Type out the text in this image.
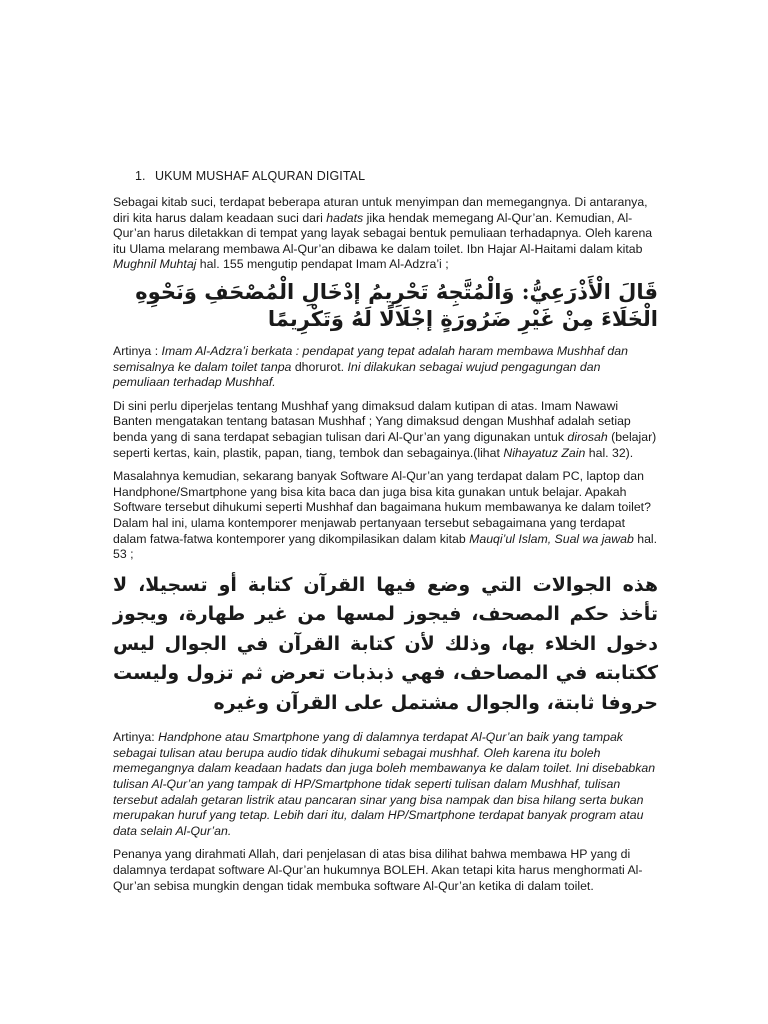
1. UKUM MUSHAF ALQURAN DIGITAL

Sebagai kitab suci, terdapat beberapa aturan untuk menyimpan dan memegangnya. Di antaranya, diri kita harus dalam keadaan suci dari hadats jika hendak memegang Al-Qur’an. Kemudian, Al-Qur’an harus diletakkan di tempat yang layak sebagai bentuk pemuliaan terhadapnya. Oleh karena itu Ulama melarang membawa Al-Qur’an dibawa ke dalam toilet. Ibn Hajar Al-Haitami dalam kitab Mughnil Muhtaj hal. 155 mengutip pendapat Imam Al-Adzra’i ;

قَالَ الْأَذْرَعِيُّ: وَالْمُتَّجِهُ تَحْرِيمُ إدْخَالِ الْمُصْحَفِ وَنَحْوِهِ الْخَلَاءَ مِنْ غَيْرِ ضَرُورَةٍ إجْلَالًا لَهُ وَتَكْرِيمًا

Artinya : Imam Al-Adzra’i berkata : pendapat yang tepat adalah haram membawa Mushhaf dan semisalnya ke dalam toilet tanpa dhorurot. Ini dilakukan sebagai wujud pengagungan dan pemuliaan terhadap Mushhaf.

Di sini perlu diperjelas tentang Mushhaf yang dimaksud dalam kutipan di atas. Imam Nawawi Banten mengatakan tentang batasan Mushhaf ; Yang dimaksud dengan Mushhaf adalah setiap benda yang di sana terdapat sebagian tulisan dari Al-Qur’an yang digunakan untuk dirosah (belajar) seperti kertas, kain, plastik, papan, tiang, tembok dan sebagainya.(lihat Nihayatuz Zain hal. 32).

Masalahnya kemudian, sekarang banyak Software Al-Qur’an yang terdapat dalam PC, laptop dan Handphone/Smartphone yang bisa kita baca dan juga bisa kita gunakan untuk belajar. Apakah Software tersebut dihukumi seperti Mushhaf dan bagaimana hukum membawanya ke dalam toilet? Dalam hal ini, ulama kontemporer menjawab pertanyaan tersebut sebagaimana yang terdapat dalam fatwa-fatwa kontemporer yang dikompilasikan dalam kitab Mauqi’ul Islam, Sual wa jawab hal. 53 ;

هذه الجوالات التي وضع فيها القرآن كتابة أو تسجيلا، لا تأخذ حكم المصحف، فيجوز لمسها من غير طهارة، ويجوز دخول الخلاء بها، وذلك لأن كتابة القرآن في الجوال ليس ككتابته في المصاحف، فهي ذبذبات تعرض ثم تزول وليست حروفا ثابتة، والجوال مشتمل على القرآن وغيره

Artinya: Handphone atau Smartphone yang di dalamnya terdapat Al-Qur’an baik yang tampak sebagai tulisan atau berupa audio tidak dihukumi sebagai mushhaf. Oleh karena itu boleh memegangnya dalam keadaan hadats dan juga boleh membawanya ke dalam toilet. Ini disebabkan tulisan Al-Qur’an yang tampak di HP/Smartphone tidak seperti tulisan dalam Mushhaf, tulisan tersebut adalah getaran listrik atau pancaran sinar yang bisa nampak dan bisa hilang serta bukan merupakan huruf yang tetap. Lebih dari itu, dalam HP/Smartphone terdapat banyak program atau data selain Al-Qur’an.

Penanya yang dirahmati Allah, dari penjelasan di atas bisa dilihat bahwa membawa HP yang di dalamnya terdapat software Al-Qur’an hukumnya BOLEH. Akan tetapi kita harus menghormati Al-Qur’an sebisa mungkin dengan tidak membuka software Al-Qur’an ketika di dalam toilet.
